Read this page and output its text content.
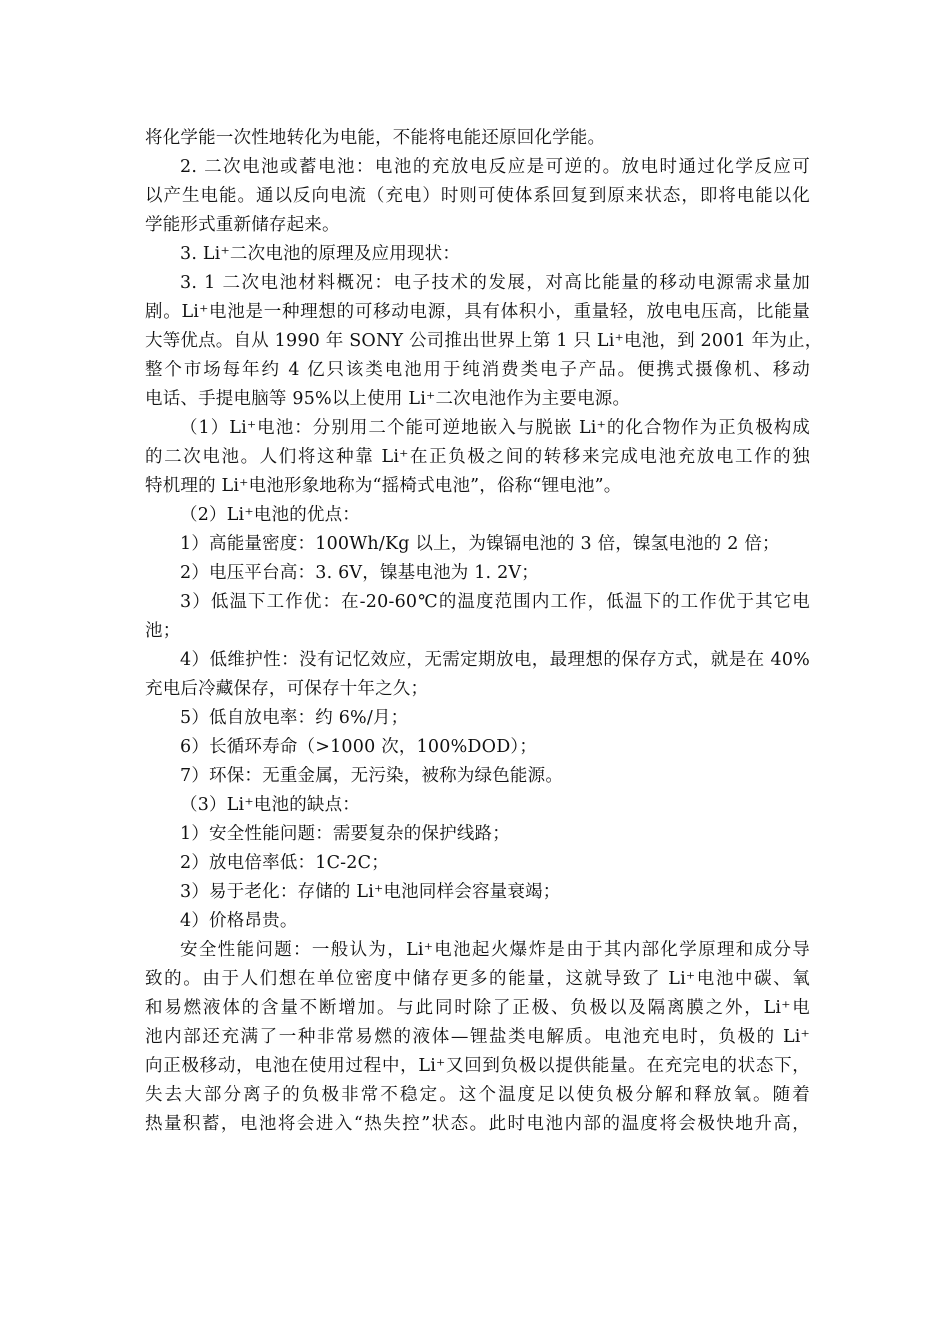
将化学能一次性地转化为电能，不能将电能还原回化学能。
2. 二次电池或蓄电池：电池的充放电反应是可逆的。放电时通过化学反应可
以产生电能。通以反向电流（充电）时则可使体系回复到原来状态，即将电能以化
学能形式重新储存起来。
3. Li⁺二次电池的原理及应用现状：
3. 1 二次电池材料概况：电子技术的发展，对高比能量的移动电源需求量加
剧。Li⁺电池是一种理想的可移动电源，具有体积小，重量轻，放电电压高，比能量
大等优点。自从 1990 年 SONY 公司推出世界上第 1 只 Li⁺电池，到 2001 年为止，
整个市场每年约 4 亿只该类电池用于纯消费类电子产品。便携式摄像机、移动
电话、手提电脑等 95%以上使用 Li⁺二次电池作为主要电源。
（1）Li⁺电池：分别用二个能可逆地嵌入与脱嵌 Li⁺的化合物作为正负极构成
的二次电池。人们将这种靠 Li⁺在正负极之间的转移来完成电池充放电工作的独
特机理的 Li⁺电池形象地称为“摇椅式电池”，俗称“锂电池”。
（2）Li⁺电池的优点：
1）高能量密度：100Wh/Kg 以上，为镍镉电池的 3 倍，镍氢电池的 2 倍；
2）电压平台高：3. 6V，镍基电池为 1. 2V；
3）低温下工作优：在-20-60℃的温度范围内工作，低温下的工作优于其它电
池；
4）低维护性：没有记忆效应，无需定期放电，最理想的保存方式，就是在 40%
充电后冷藏保存，可保存十年之久；
5）低自放电率：约 6%/月；
6）长循环寿命（>1000 次，100%DOD）；
7）环保：无重金属，无污染，被称为绿色能源。
（3）Li⁺电池的缺点：
1）安全性能问题：需要复杂的保护线路；
2）放电倍率低：1C-2C；
3）易于老化：存储的 Li⁺电池同样会容量衰竭；
4）价格昂贵。
安全性能问题：一般认为，Li⁺电池起火爆炸是由于其内部化学原理和成分导
致的。由于人们想在单位密度中储存更多的能量，这就导致了 Li⁺电池中碳、氧
和易燃液体的含量不断增加。与此同时除了正极、负极以及隔离膜之外，Li⁺电
池内部还充满了一种非常易燃的液体—锂盐类电解质。电池充电时，负极的 Li⁺
向正极移动，电池在使用过程中，Li⁺又回到负极以提供能量。在充完电的状态下，
失去大部分离子的负极非常不稳定。这个温度足以使负极分解和释放氧。随着
热量积蓄，电池将会进入“热失控”状态。此时电池内部的温度将会极快地升高，
